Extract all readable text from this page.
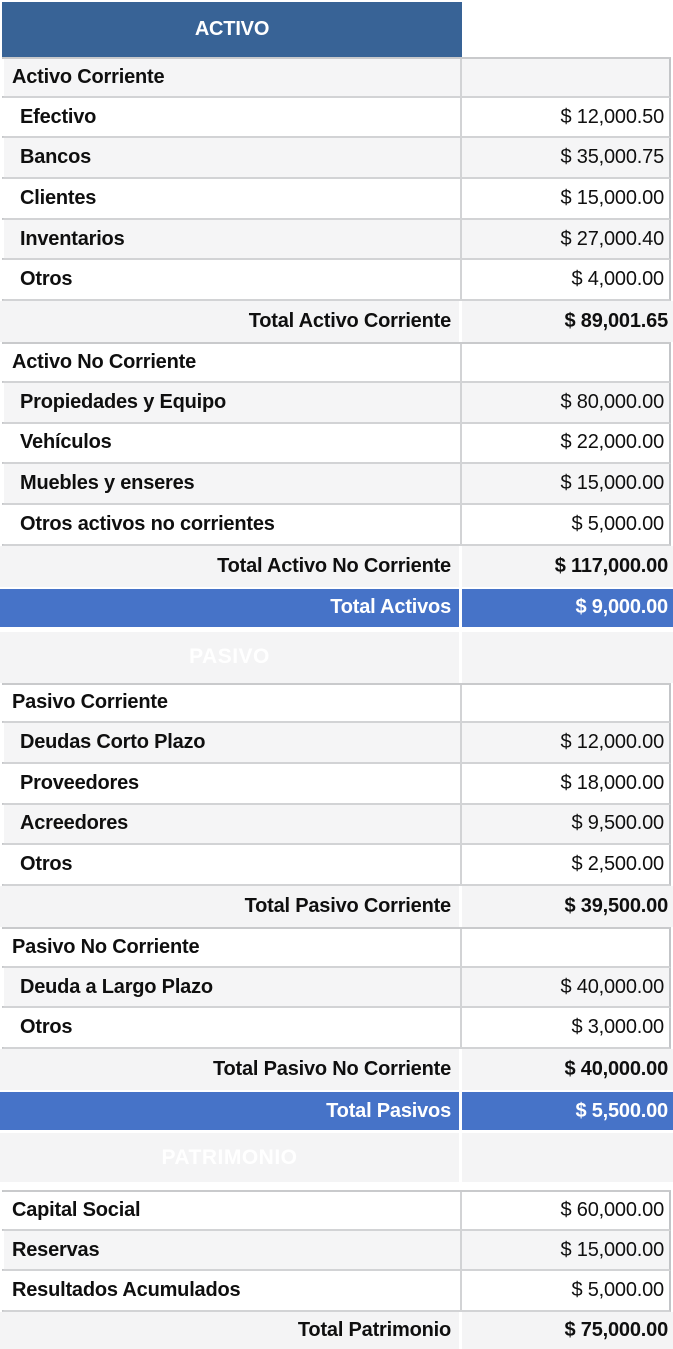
ACTIVO
Activo Corriente
Efectivo	$ 12,000.50
Bancos	$ 35,000.75
Clientes	$ 15,000.00
Inventarios	$ 27,000.40
Otros	$ 4,000.00
Total Activo Corriente	$ 89,001.65
Activo No Corriente
Propiedades y Equipo	$ 80,000.00
Vehículos	$ 22,000.00
Muebles y enseres	$ 15,000.00
Otros activos no corrientes	$ 5,000.00
Total Activo No Corriente	$ 117,000.00
Total Activos	$ 9,000.00
PASIVO
Pasivo Corriente
Deudas Corto Plazo	$ 12,000.00
Proveedores	$ 18,000.00
Acreedores	$ 9,500.00
Otros	$ 2,500.00
Total Pasivo Corriente	$ 39,500.00
Pasivo No Corriente
Deuda a Largo Plazo	$ 40,000.00
Otros	$ 3,000.00
Total Pasivo No Corriente	$ 40,000.00
Total Pasivos	$ 5,500.00
PATRIMONIO
Capital Social	$ 60,000.00
Reservas	$ 15,000.00
Resultados Acumulados	$ 5,000.00
Total Patrimonio	$ 75,000.00
